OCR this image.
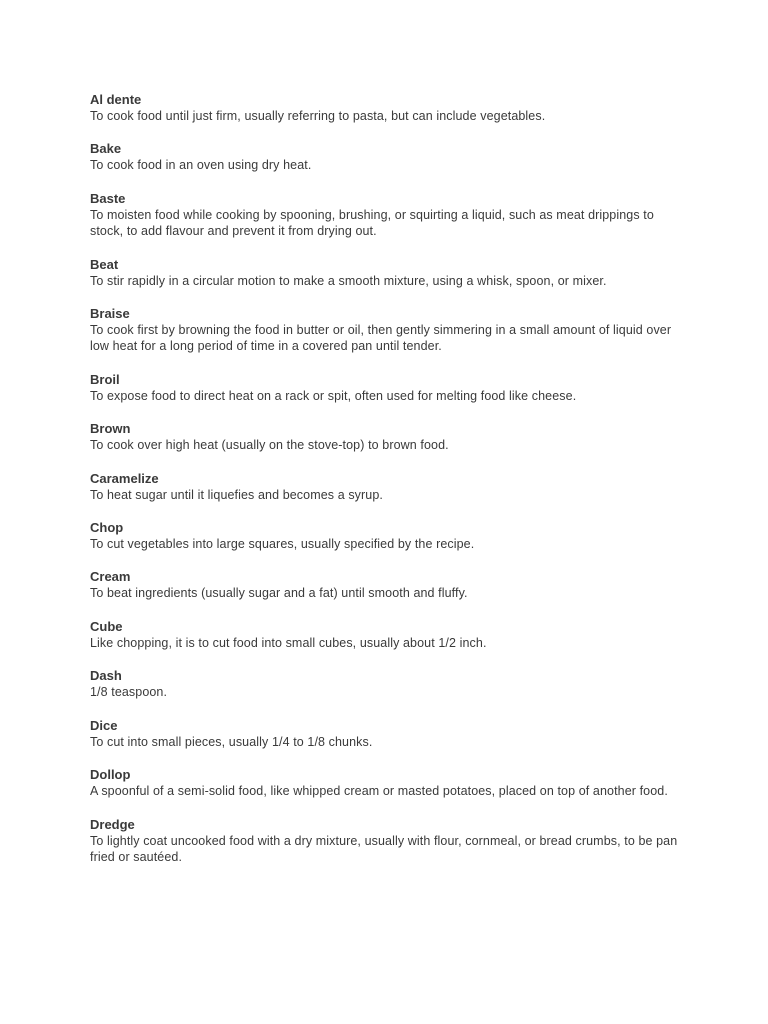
Al dente
To cook food until just firm, usually referring to pasta, but can include vegetables.
Bake
To cook food in an oven using dry heat.
Baste
To moisten food while cooking by spooning, brushing, or squirting a liquid, such as meat drippings to stock, to add flavour and prevent it from drying out.
Beat
To stir rapidly in a circular motion to make a smooth mixture, using a whisk, spoon, or mixer.
Braise
To cook first by browning the food in butter or oil, then gently simmering in a small amount of liquid over low heat for a long period of time in a covered pan until tender.
Broil
To expose food to direct heat on a rack or spit, often used for melting food like cheese.
Brown
To cook over high heat (usually on the stove-top) to brown food.
Caramelize
To heat sugar until it liquefies and becomes a syrup.
Chop
To cut vegetables into large squares, usually specified by the recipe.
Cream
To beat ingredients (usually sugar and a fat) until smooth and fluffy.
Cube
Like chopping, it is to cut food into small cubes, usually about 1/2 inch.
Dash
1/8 teaspoon.
Dice
To cut into small pieces, usually 1/4 to 1/8 chunks.
Dollop
A spoonful of a semi-solid food, like whipped cream or masted potatoes, placed on top of another food.
Dredge
To lightly coat uncooked food with a dry mixture, usually with flour, cornmeal, or bread crumbs, to be pan fried or sautéed.
